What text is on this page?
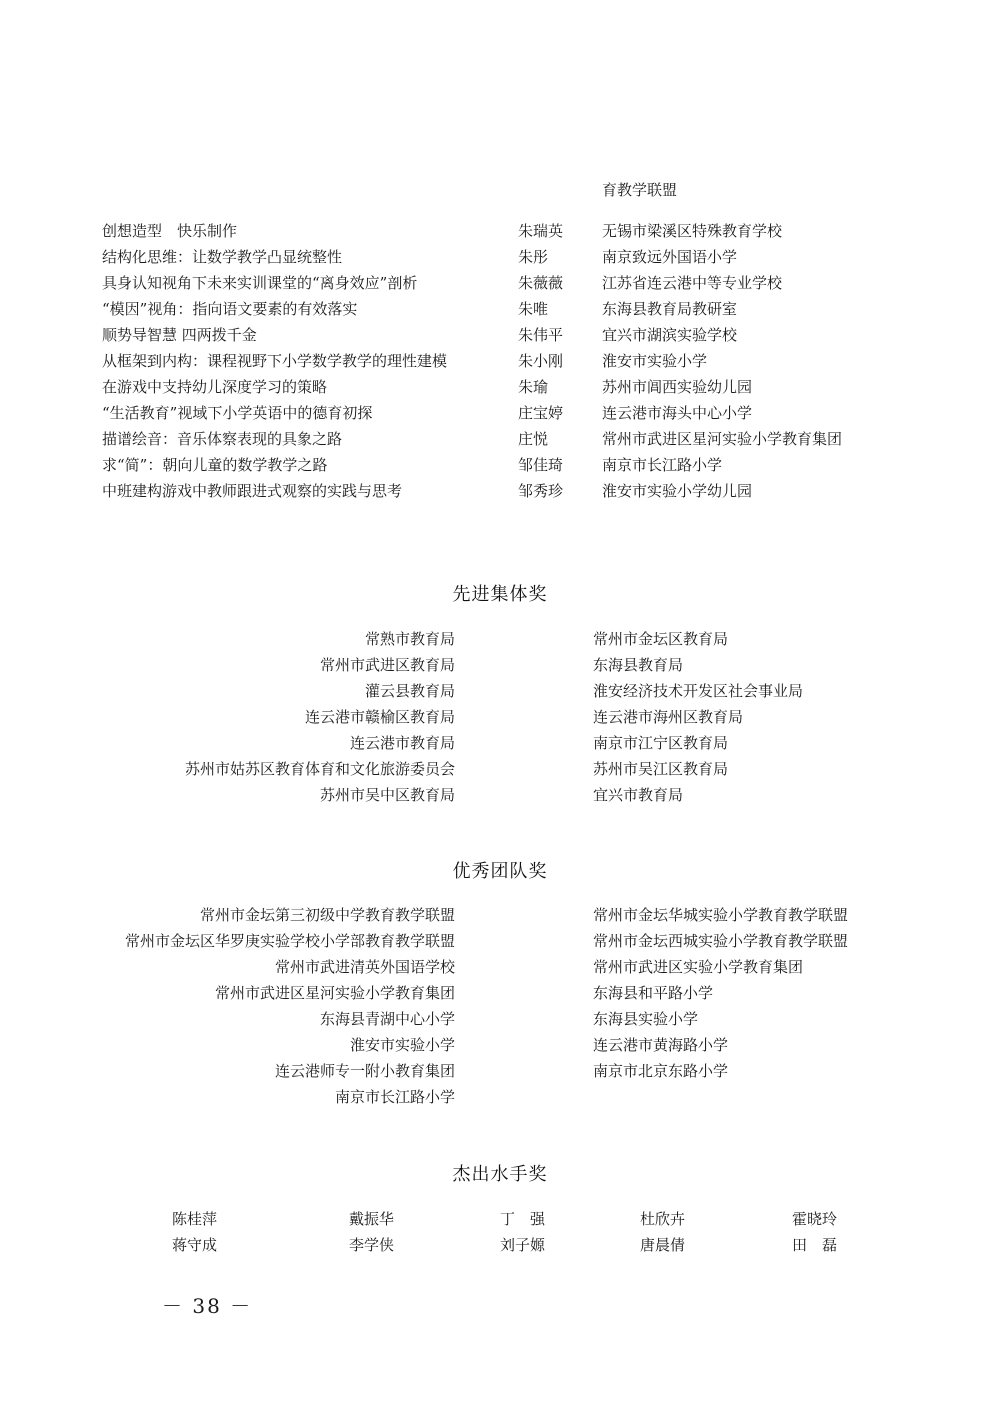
育教学联盟
创想造型　快乐制作	朱瑞英	无锡市梁溪区特殊教育学校
结构化思维：让数学教学凸显统整性	朱彤	南京致远外国语小学
具身认知视角下未来实训课堂的“离身效应”剖析	朱薇薇	江苏省连云港中等专业学校
“模因”视角：指向语文要素的有效落实	朱唯	东海县教育局教研室
顺势导智慧 四两拨千金	朱伟平	宜兴市湖滨实验学校
从框架到内构：课程视野下小学数学教学的理性建模	朱小刚	淮安市实验小学
在游戏中支持幼儿深度学习的策略	朱瑜	苏州市阊西实验幼儿园
“生活教育”视域下小学英语中的德育初探	庄宝婷	连云港市海头中心小学
描谱绘音：音乐体察表现的具象之路	庄悦	常州市武进区星河实验小学教育集团
求“简”：朝向儿童的数学教学之路	邹佳琦	南京市长江路小学
中班建构游戏中教师跟进式观察的实践与思考	邹秀珍	淮安市实验小学幼儿园
先进集体奖
常熟市教育局	常州市金坛区教育局
常州市武进区教育局	东海县教育局
灌云县教育局	淮安经济技术开发区社会事业局
连云港市赣榆区教育局	连云港市海州区教育局
连云港市教育局	南京市江宁区教育局
苏州市姑苏区教育体育和文化旅游委员会	苏州市吴江区教育局
苏州市吴中区教育局	宜兴市教育局
优秀团队奖
常州市金坛第三初级中学教育教学联盟	常州市金坛华城实验小学教育教学联盟
常州市金坛区华罗庚实验学校小学部教育教学联盟	常州市金坛西城实验小学教育教学联盟
常州市武进清英外国语学校	常州市武进区实验小学教育集团
常州市武进区星河实验小学教育集团	东海县和平路小学
东海县青湖中心小学	东海县实验小学
淮安市实验小学	连云港市黄海路小学
连云港师专一附小教育集团	南京市北京东路小学
南京市长江路小学
杰出水手奖
陈桂萍	戴振华	丁　强	杜欣卉	霍晓玲
蒋守成	李学侠	刘子嫄	唐晨倩	田　磊
－ 38 －
